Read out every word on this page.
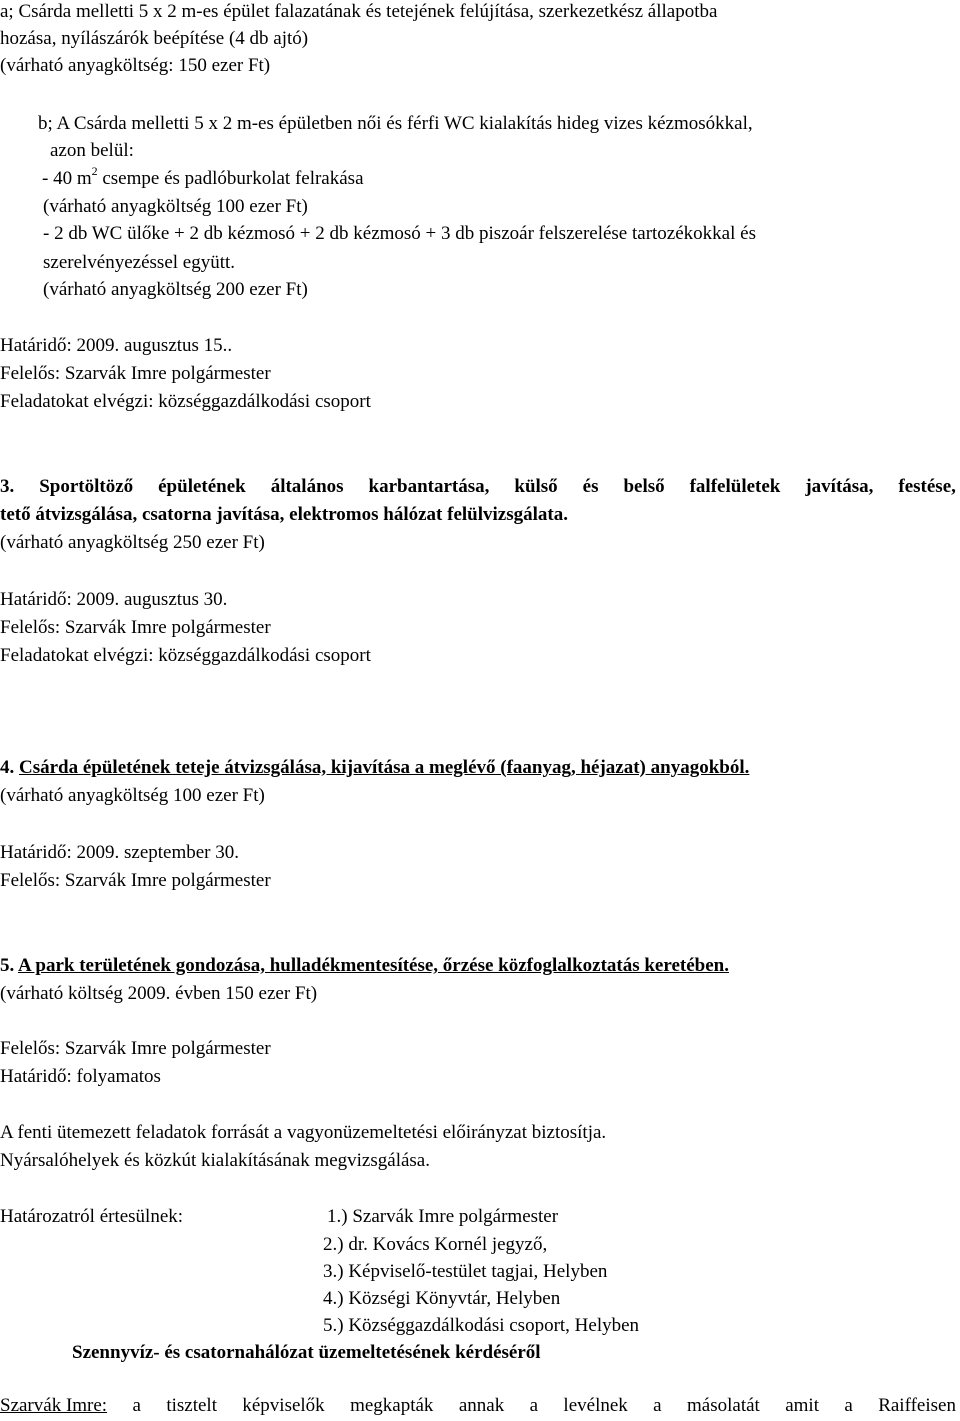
a; Csárda melletti 5 x 2 m-es épület falazatának és tetejének felújítása, szerkezetkész állapotba
hozása, nyílászárók beépítése (4 db ajtó)
(várható anyagköltség: 150 ezer Ft)
b; A Csárda melletti 5 x 2 m-es épületben női és férfi WC kialakítás hideg vizes kézmosókkal,
azon belül:
- 40 $m^2$ csempe és padlóburkolat felrakása
(várható anyagköltség 100 ezer Ft)
- 2 db WC ülőke + 2 db kézmosó + 2 db kézmosó + 3 db piszoár felszerelése tartozékokkal és
szerelvényezéssel együtt.
(várható anyagköltség 200 ezer Ft)
Határidő: 2009. augusztus 15..
Felelős: Szarvák Imre polgármester
Feladatokat elvégzi: községgazdálkodási csoport
3. Sportöltöző épületének általános karbantartása, külső és belső falfelületek javítása, festése,
tető átvizsgálása, csatorna javítása, elektromos hálózat felülvizsgálata.
(várható anyagköltség 250 ezer Ft)
Határidő: 2009. augusztus 30.
Felelős: Szarvák Imre polgármester
Feladatokat elvégzi: községgazdálkodási csoport
4. Csárda épületének teteje átvizsgálása, kijavítása a meglévő (faanyag, héjazat) anyagokból.
(várható anyagköltség 100 ezer Ft)
Határidő: 2009. szeptember 30.
Felelős: Szarvák Imre polgármester
5. A park területének gondozása, hulladékmentesítése, őrzése közfoglalkoztatás keretében.
(várható költség 2009. évben 150 ezer Ft)
Felelős: Szarvák Imre polgármester
Határidő: folyamatos
A fenti ütemezett feladatok forrását a vagyonüzemeltetési előirányzat biztosítja.
Nyársalóhelyek és közkút kialakításának megvizsgálása.
Határozatról értesülnek:	1.) Szarvák Imre polgármester
2.) dr. Kovács Kornél jegyző,
3.) Képviselő-testület tagjai, Helyben
4.) Községi Könyvtár, Helyben
5.) Községgazdálkodási csoport, Helyben
Szennyvíz- és csatornahálózat üzemeltetésének kérdéséről
Szarvák Imre: a tisztelt képviselők megkapták annak a levélnek a másolatát amit a Raiffeisen
